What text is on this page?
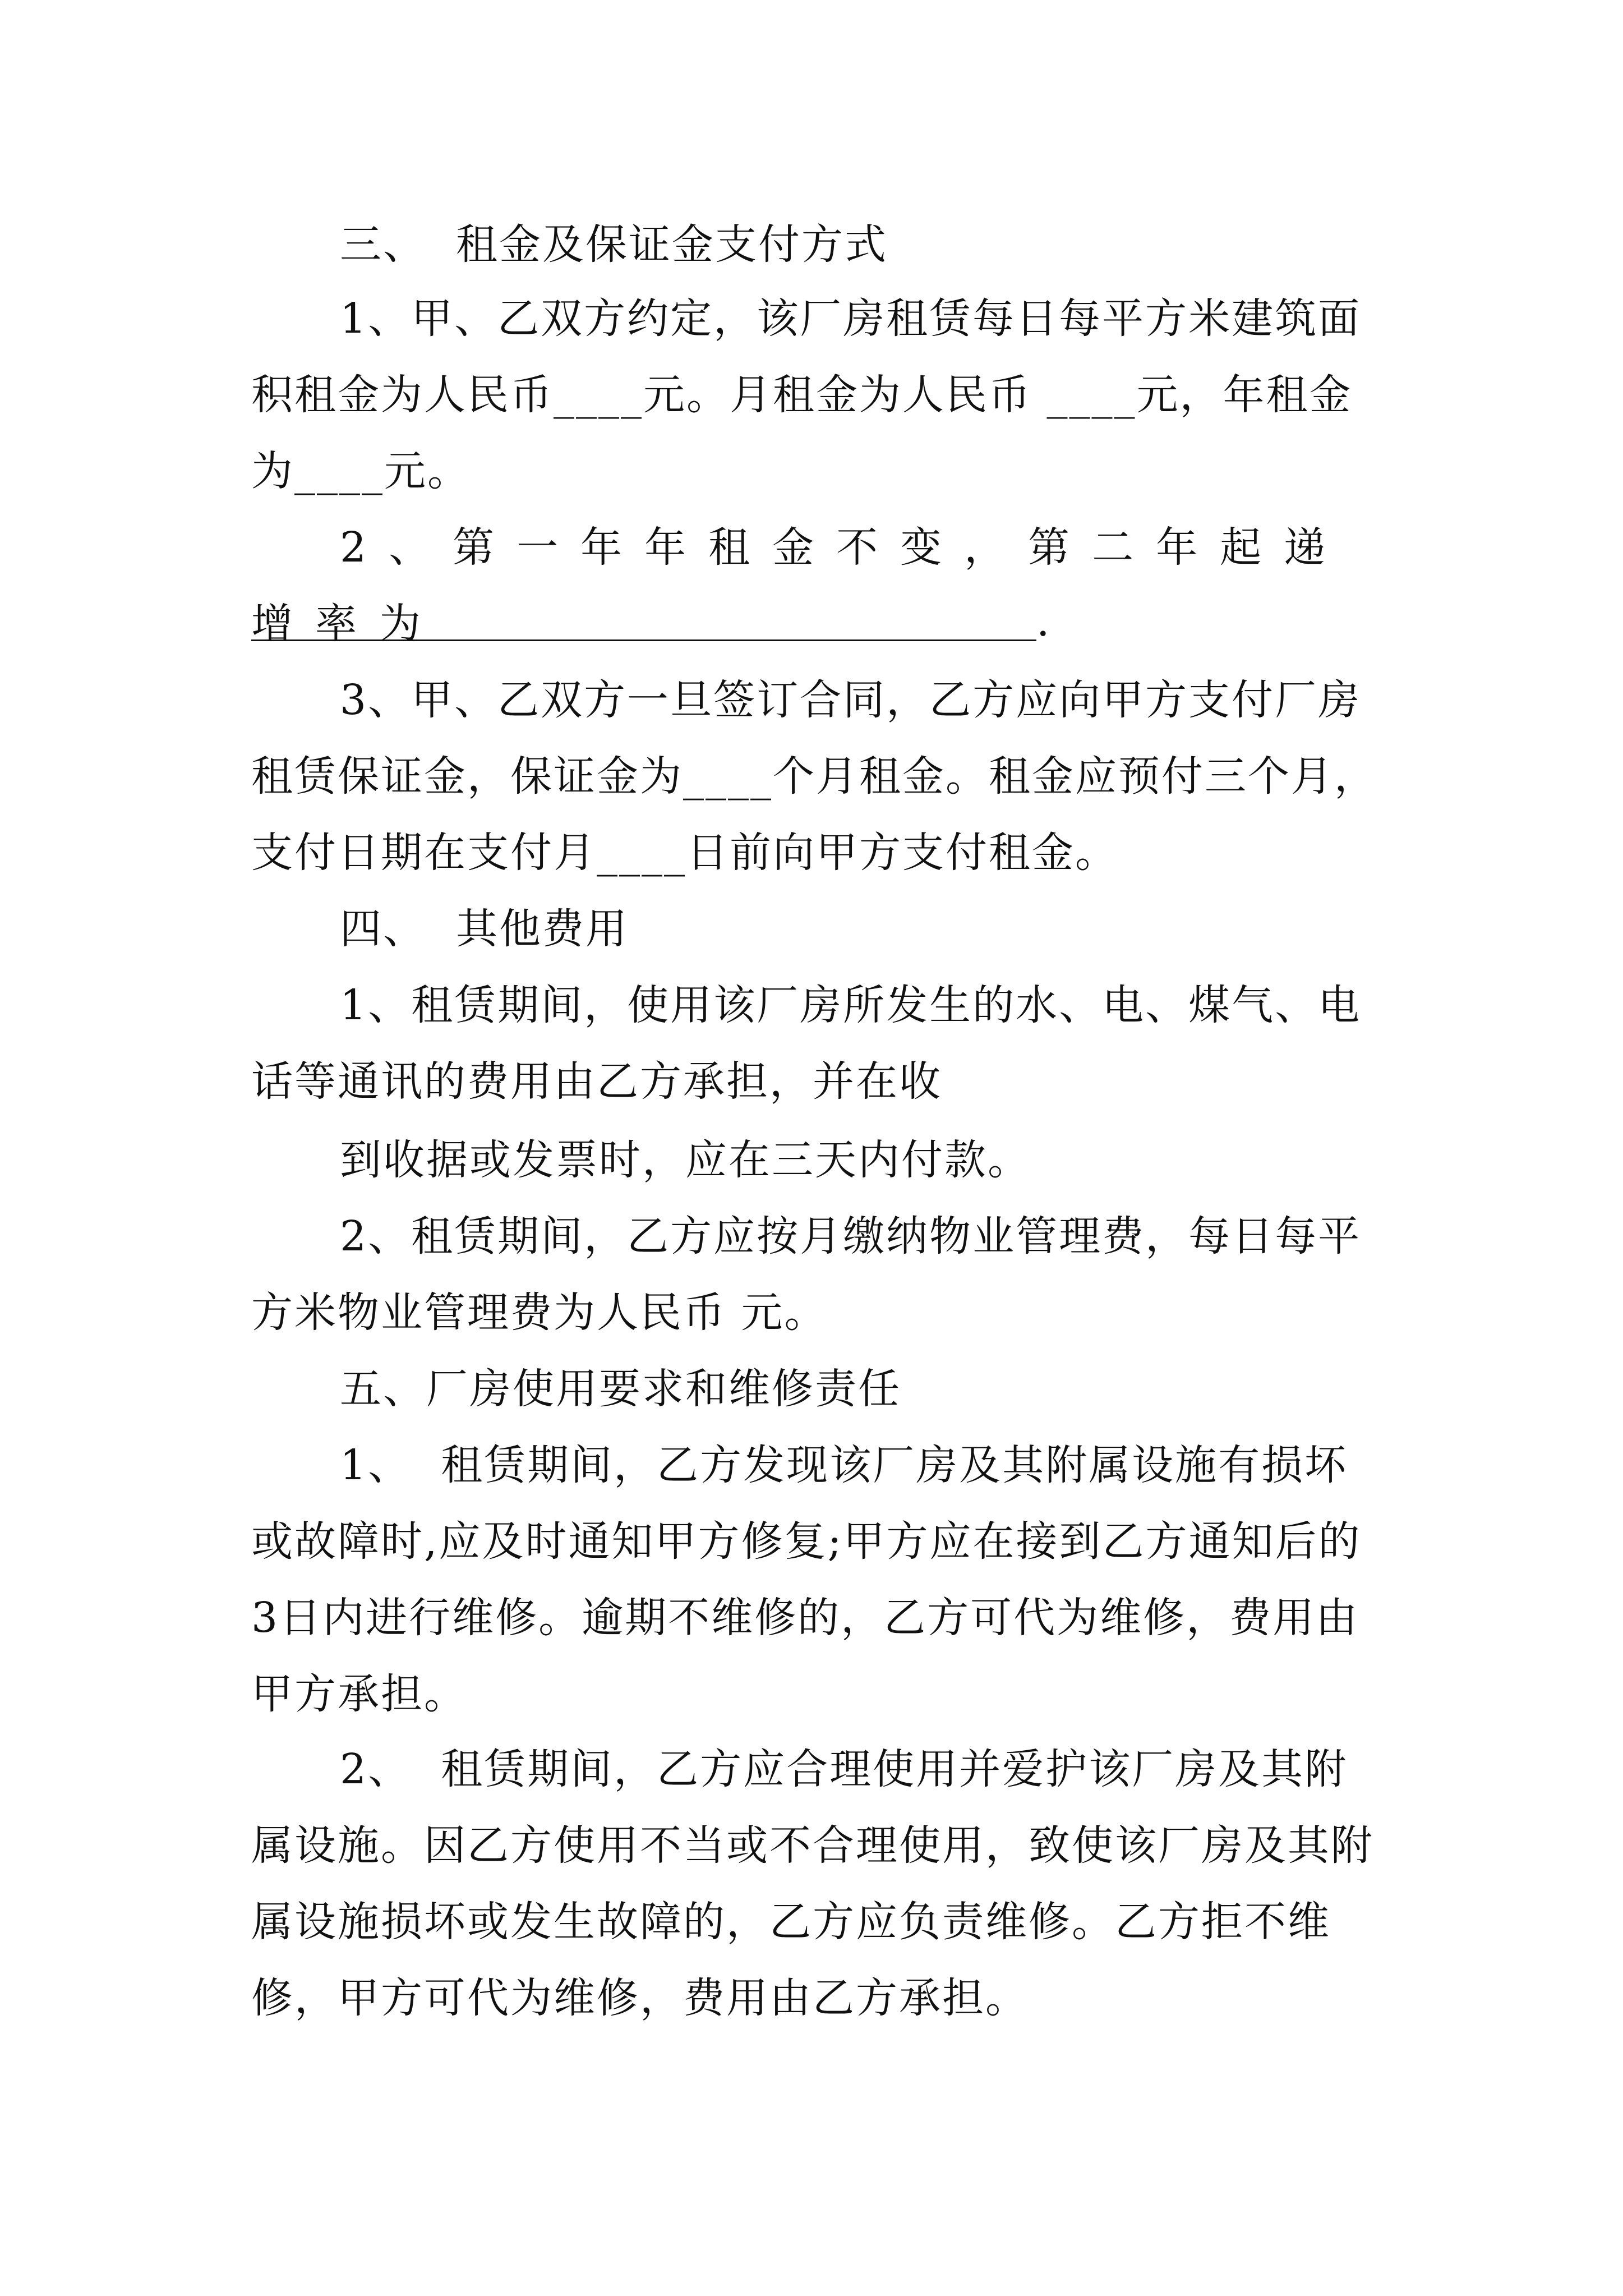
三、  租金及保证金支付方式

1、甲、乙双方约定，该厂房租赁每日每平方米建筑面积租金为人民币____元。月租金为人民币 ____元，年租金为____元。

2、第一年年租金不变，第二年起递增率为	.

3、甲、乙双方一旦签订合同，乙方应向甲方支付厂房租赁保证金，保证金为____个月租金。租金应预付三个月，支付日期在支付月____日前向甲方支付租金。

四、  其他费用

1、租赁期间，使用该厂房所发生的水、电、煤气、电话等通讯的费用由乙方承担，并在收

到收据或发票时，应在三天内付款。

2、租赁期间，乙方应按月缴纳物业管理费，每日每平方米物业管理费为人民币 元。

五、厂房使用要求和维修责任

1、  租赁期间，乙方发现该厂房及其附属设施有损坏或故障时,应及时通知甲方修复;甲方应在接到乙方通知后的3日内进行维修。逾期不维修的，乙方可代为维修，费用由甲方承担。

2、  租赁期间，乙方应合理使用并爱护该厂房及其附属设施。因乙方使用不当或不合理使用，致使该厂房及其附属设施损坏或发生故障的，乙方应负责维修。乙方拒不维修，甲方可代为维修，费用由乙方承担。
